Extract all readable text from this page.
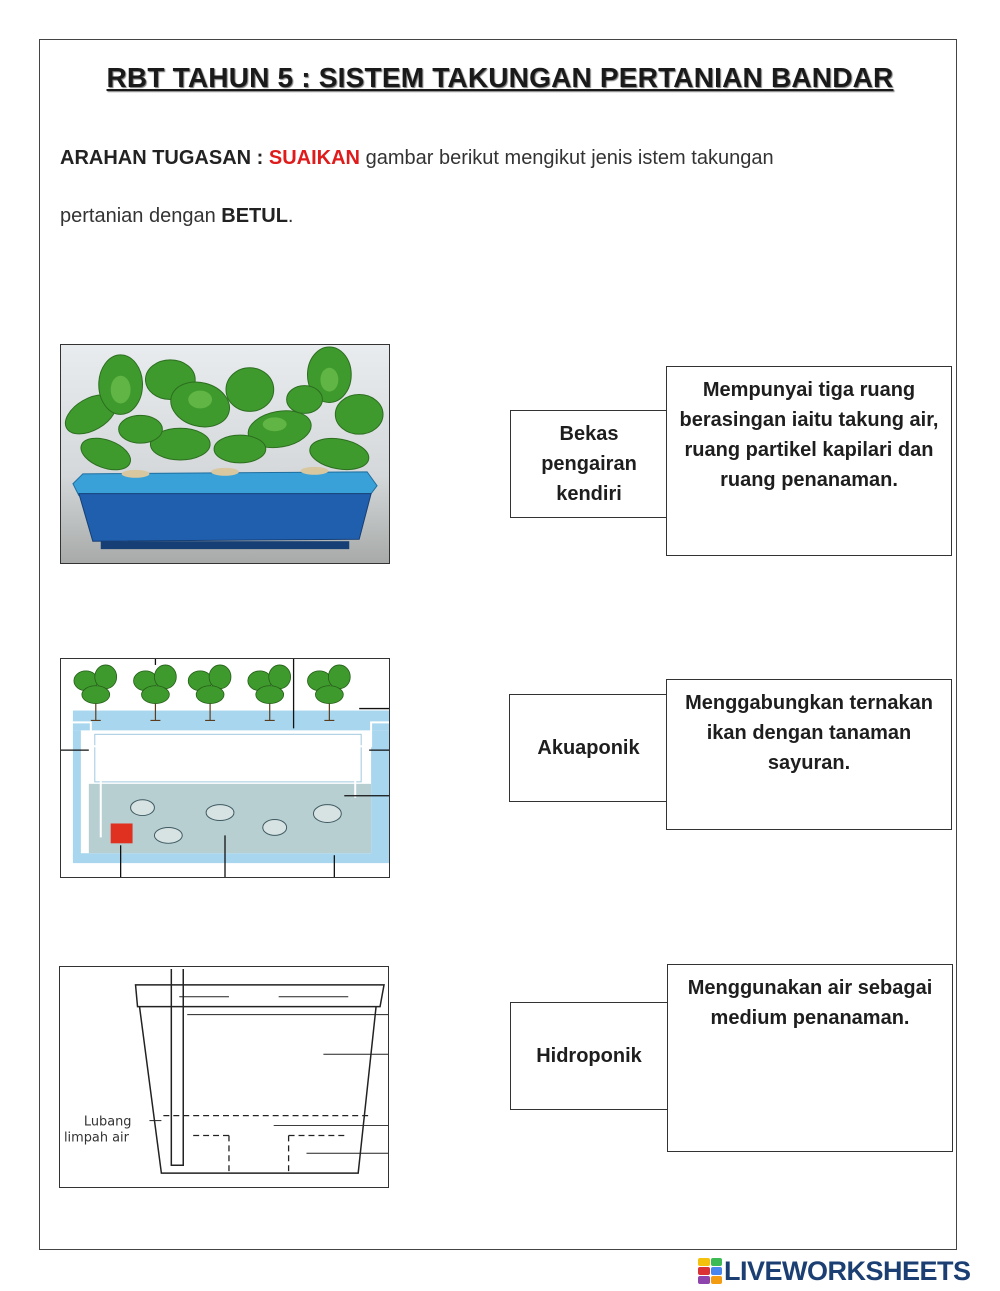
RBT TAHUN 5 : SISTEM TAKUNGAN PERTANIAN BANDAR
ARAHAN TUGASAN : SUAIKAN gambar berikut mengikut jenis istem takungan
pertanian dengan BETUL.
Lubang
limpah air
Bekas pengairan kendiri
Akuaponik
Hidroponik
Mempunyai tiga ruang berasingan iaitu takung air, ruang partikel kapilari dan ruang penanaman.
Menggabungkan ternakan ikan dengan tanaman sayuran.
Menggunakan air sebagai medium penanaman.
LIVEWORKSHEETS
